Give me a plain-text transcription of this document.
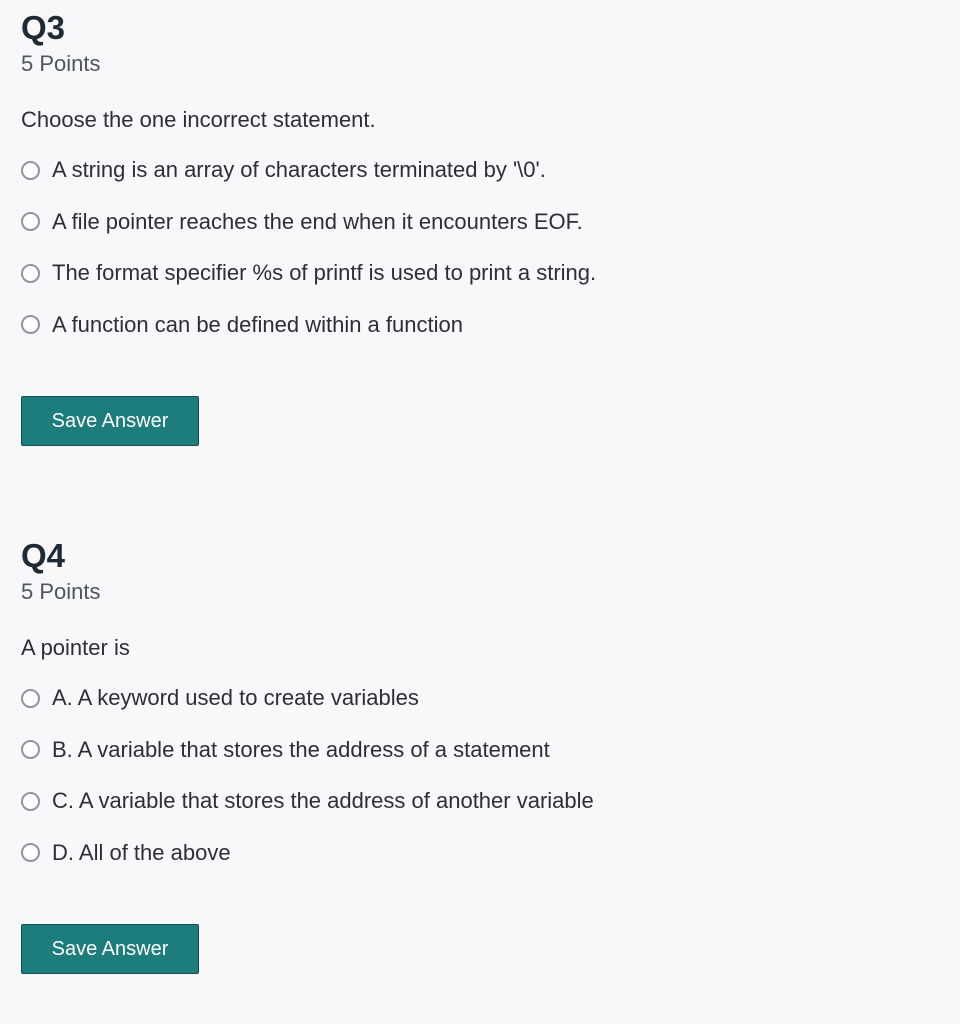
Q3
5 Points
Choose the one incorrect statement.
A string is an array of characters terminated by '\0'.
A file pointer reaches the end when it encounters EOF.
The format specifier %s of printf is used to print a string.
A function can be defined within a function
Save Answer
Q4
5 Points
A pointer is
A. A keyword used to create variables
B. A variable that stores the address of a statement
C. A variable that stores the address of another variable
D. All of the above
Save Answer
